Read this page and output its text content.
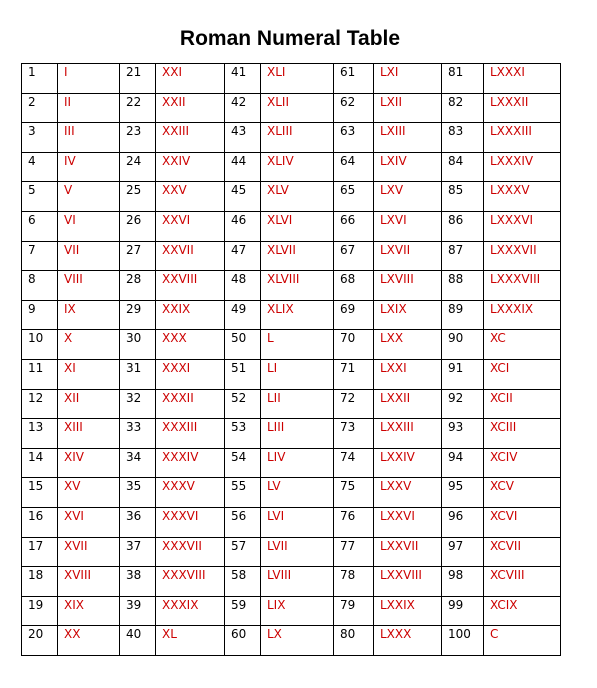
Roman Numeral Table
1	I	21	XXI	41	XLI	61	LXI	81	LXXXI
2	II	22	XXII	42	XLII	62	LXII	82	LXXXII
3	III	23	XXIII	43	XLIII	63	LXIII	83	LXXXIII
4	IV	24	XXIV	44	XLIV	64	LXIV	84	LXXXIV
5	V	25	XXV	45	XLV	65	LXV	85	LXXXV
6	VI	26	XXVI	46	XLVI	66	LXVI	86	LXXXVI
7	VII	27	XXVII	47	XLVII	67	LXVII	87	LXXXVII
8	VIII	28	XXVIII	48	XLVIII	68	LXVIII	88	LXXXVIII
9	IX	29	XXIX	49	XLIX	69	LXIX	89	LXXXIX
10	X	30	XXX	50	L	70	LXX	90	XC
11	XI	31	XXXI	51	LI	71	LXXI	91	XCI
12	XII	32	XXXII	52	LII	72	LXXII	92	XCII
13	XIII	33	XXXIII	53	LIII	73	LXXIII	93	XCIII
14	XIV	34	XXXIV	54	LIV	74	LXXIV	94	XCIV
15	XV	35	XXXV	55	LV	75	LXXV	95	XCV
16	XVI	36	XXXVI	56	LVI	76	LXXVI	96	XCVI
17	XVII	37	XXXVII	57	LVII	77	LXXVII	97	XCVII
18	XVIII	38	XXXVIII	58	LVIII	78	LXXVIII	98	XCVIII
19	XIX	39	XXXIX	59	LIX	79	LXXIX	99	XCIX
20	XX	40	XL	60	LX	80	LXXX	100	C
